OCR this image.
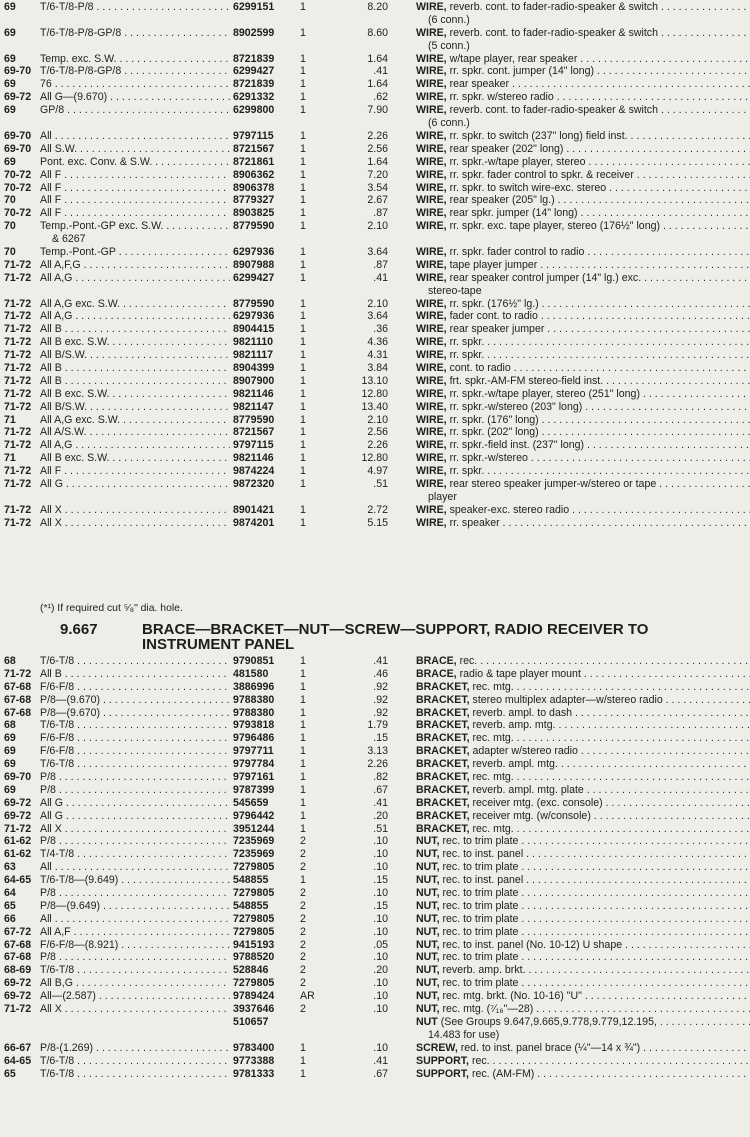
69 T/6-T/8-P/8 . . .	6299151	1	8.20	WIRE, reverb. cont. to fader-radio-speaker & switch . . .
(6 conn.)
69 T/6-T/8-P/8-GP/8 . . .	8902599	1	8.60	WIRE, reverb. cont. to fader-radio-speaker & switch . . .
(5 conn.)
69 Temp. exc. S.W. . . .	8721839	1	1.64	WIRE, w/tape player, rear speaker . . .
69-70 T/6-T/8-P/8-GP/8 . . .	6299427	1	.41	WIRE, rr. spkr. cont. jumper (14" long) . . .
69 76 . . .	8721839	1	1.64	WIRE, rear speaker . . .
69-72 All G—(9.670) . . .	6291332	1	.62	WIRE, rr. spkr. w/stereo radio . . .
69 GP/8 . . .	6299800	1	7.90	WIRE, reverb. cont. to fader-radio-speaker & switch . . .
(6 conn.)
69-70 All . . .	9797115	1	2.26	WIRE, rr. spkr. to switch (237" long) field inst. . . .
69-70 All S.W. . . .	8721567	1	2.56	WIRE, rear speaker (202" long) . . .
69 Pont. exc. Conv. & S.W. . . .	8721861	1	1.64	WIRE, rr. spkr.-w/tape player, stereo . . .
70-72 All F . . .	8906362	1	7.20	WIRE, rr. spkr. fader control to spkr. & receiver . . .
70-72 All F . . .	8906378	1	3.54	WIRE, rr. spkr. to switch wire-exc. stereo . . .
70 All F . . .	8779327	1	2.67	WIRE, rear speaker (205" lg.) . . .
70-72 All F . . .	8903825	1	.87	WIRE, rear spkr. jumper (14" long) . . .
70 Temp.-Pont.-GP exc. S.W. . . .	8779590	1	2.10	WIRE, rr. spkr. exc. tape player, stereo (176½" long) . . .
& 6267
70 Temp.-Pont.-GP . . .	6297936	1	3.64	WIRE, rr. spkr. fader control to radio . . .
71-72 All A,F,G . . .	8907988	1	.87	WIRE, tape player jumper . . .
71-72 All A,G . . .	6299427	1	.41	WIRE, rear speaker control jumper (14" lg.) exc. . . .
stereo-tape
71-72 All A,G exc. S.W. . . .	8779590	1	2.10	WIRE, rr. spkr. (176½" lg.) . . .
71-72 All A,G . . .	6297936	1	3.64	WIRE, fader cont. to radio . . .
71-72 All B . . .	8904415	1	.36	WIRE, rear speaker jumper . . .
71-72 All B exc. S.W. . . .	9821110	1	4.36	WIRE, rr. spkr. . . .
71-72 All B/S.W. . . .	9821117	1	4.31	WIRE, rr. spkr. . . .
71-72 All B . . .	8904399	1	3.84	WIRE, cont. to radio . . .
71-72 All B . . .	8907900	1	13.10	WIRE, frt. spkr.-AM-FM stereo-field inst. . . .
71-72 All B exc. S.W. . . .	9821146	1	12.80	WIRE, rr. spkr.-w/tape player, stereo (251" long) . . .
71-72 All B/S.W. . . .	9821147	1	13.40	WIRE, rr. spkr.-w/stereo (203" long) . . .
71 All A,G exc. S.W. . . .	8779590	1	2.10	WIRE, rr. spkr. (176" long) . . .
71-72 All A/S.W. . . .	8721567	1	2.56	WIRE, rr. spkr. (202" long) . . .
71-72 All A,G . . .	9797115	1	2.26	WIRE, rr. spkr.-field inst. (237" long) . . .
71 All B exc. S.W. . . .	9821146	1	12.80	WIRE, rr. spkr.-w/stereo . . .
71-72 All F . . .	9874224	1	4.97	WIRE, rr. spkr. . . .
71-72 All G . . .	9872320	1	.51	WIRE, rear stereo speaker jumper-w/stereo or tape . . .
player
71-72 All X . . .	8901421	1	2.72	WIRE, speaker-exc. stereo radio . . .
71-72 All X . . .	9874201	1	5.15	WIRE, rr. speaker . . .
(*¹) If required cut ⁵⁄₈" dia. hole.
9.667	BRACE—BRACKET—NUT—SCREW—SUPPORT, RADIO RECEIVER TO
INSTRUMENT PANEL
68 T/6-T/8 . . .	9790851	1	.41	BRACE, rec. . . .
71-72 All B . . .	481580	1	.46	BRACE, radio & tape player mount . . .
67-68 F/6-F/8 . . .	3886996	1	.92	BRACKET, rec. mtg. . . .
67-68 P/8—(9.670) . . .	9788380	1	.92	BRACKET, stereo multiplex adapter—w/stereo radio . . .
67-68 P/8—(9.670) . . .	9788380	1	.92	BRACKET, reverb. ampl. to dash . . .
68 T/6-T/8 . . .	9793818	1	1.79	BRACKET, reverb. amp. mtg. . . .
69 F/6-F/8 . . .	9796486	1	.15	BRACKET, rec. mtg. . . .
69 F/6-F/8 . . .	9797711	1	3.13	BRACKET, adapter w/stereo radio . . .
69 T/6-T/8 . . .	9797784	1	2.26	BRACKET, reverb. ampl. mtg. . . .
69-70 P/8 . . .	9797161	1	.82	BRACKET, rec. mtg. . . .
69 P/8 . . .	9787399	1	.67	BRACKET, reverb. ampl. mtg. plate . . .
69-72 All G . . .	545659	1	.41	BRACKET, receiver mtg. (exc. console) . . .
69-72 All G . . .	9796442	1	.20	BRACKET, receiver mtg. (w/console) . . .
71-72 All X . . .	3951244	1	.51	BRACKET, rec. mtg. . . .
61-62 P/8 . . .	7235969	2	.10	NUT, rec. to trim plate . . .
61-62 T/4-T/8 . . .	7235969	2	.10	NUT, rec. to inst. panel . . .
63 All . . .	7279805	2	.10	NUT, rec. to trim plate . . .
64-65 T/6-T/8—(9.649) . . .	548855	1	.15	NUT, rec. to inst. panel . . .
64 P/8 . . .	7279805	2	.10	NUT, rec. to trim plate . . .
65 P/8—(9.649) . . .	548855	2	.15	NUT, rec. to trim plate . . .
66 All . . .	7279805	2	.10	NUT, rec. to trim plate . . .
67-72 All A,F . . .	7279805	2	.10	NUT, rec. to trim plate . . .
67-68 F/6-F/8—(8.921) . . .	9415193	2	.05	NUT, rec. to inst. panel (No. 10-12) U shape . . .
67-68 P/8 . . .	9788520	2	.10	NUT, rec. to trim plate . . .
68-69 T/6-T/8 . . .	528846	2	.20	NUT, reverb. amp. brkt. . . .
69-72 All B,G . . .	7279805	2	.10	NUT, rec. to trim plate . . .
69-72 All—(2.587) . . .	9789424	AR	.10	NUT, rec. mtg. brkt. (No. 10-16) "U" . . .
71-72 All X . . .	3937646	2	.10	NUT, rec. mtg. (⁷⁄₁₆"—28) . . .
510657	NUT (See Groups 9.647,9.665,9.778,9.779,12.195, . . .
14.483 for use)
66-67 P/8-(1.269) . . .	9783400	1	.10	SCREW, red. to inst. panel brace (¼"—14 x ¾") . . .
64-65 T/6-T/8 . . .	9773388	1	.41	SUPPORT, rec. . . .
65 T/6-T/8 . . .	9781333	1	.67	SUPPORT, rec. (AM-FM) . . .
